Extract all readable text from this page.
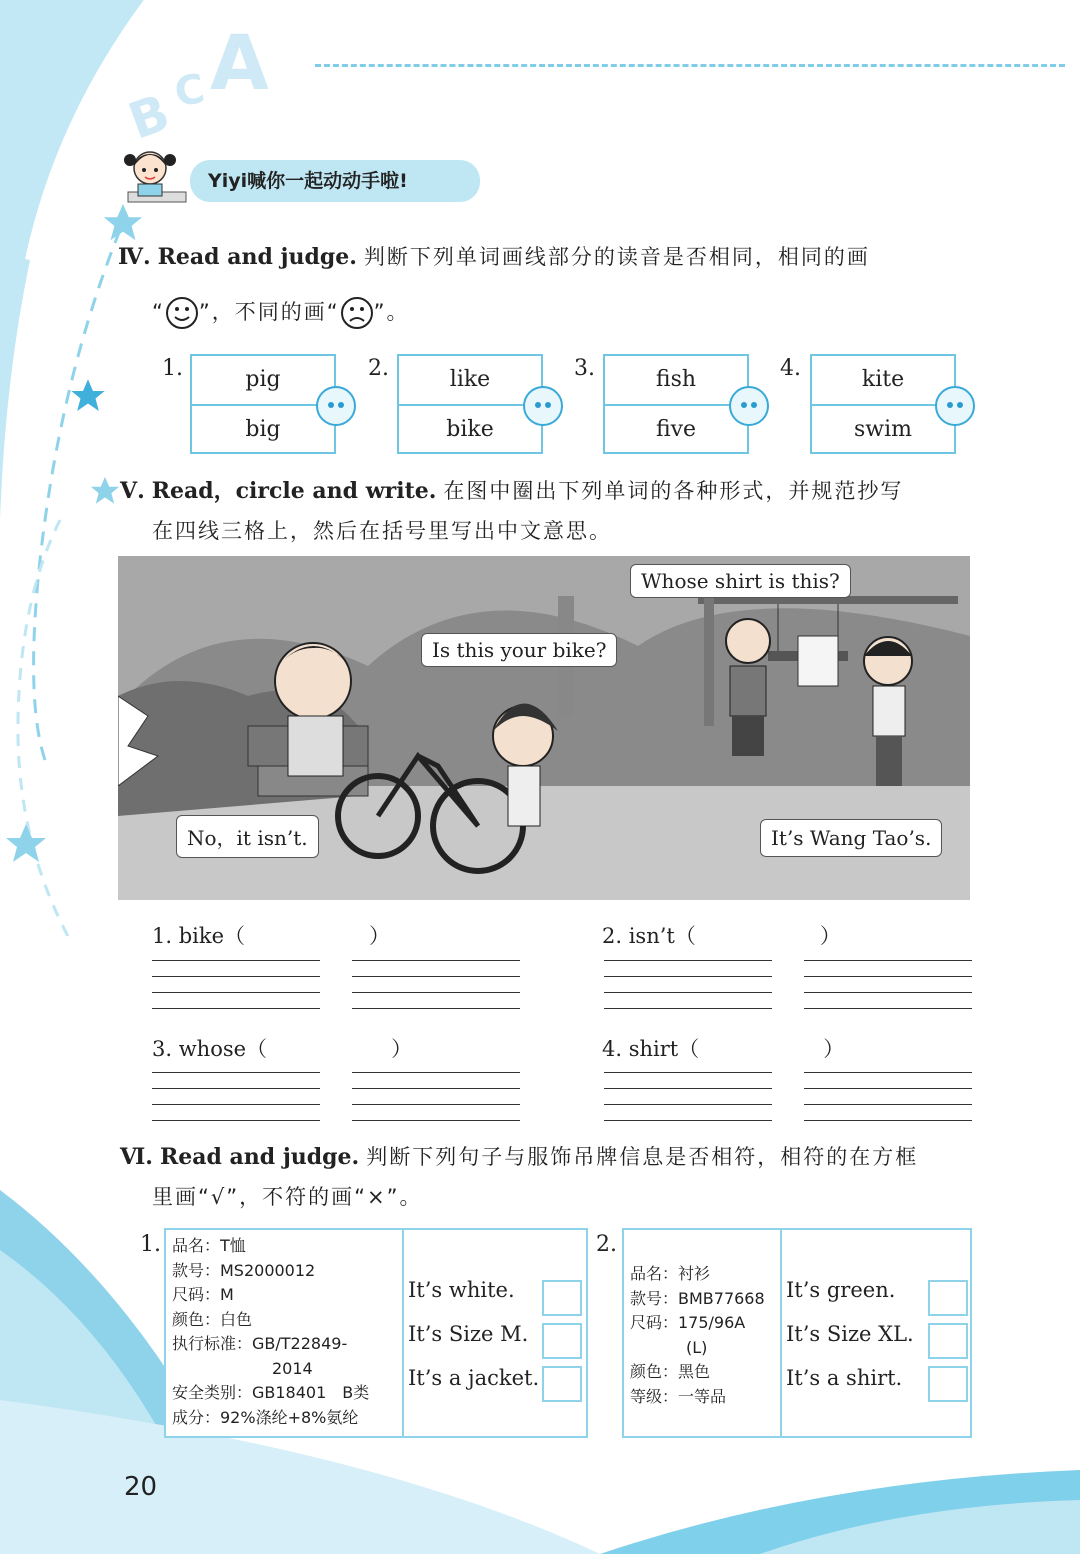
B
C A
Yiyi喊你一起动动手啦!
Ⅳ. Read and judge. 判断下列单词画线部分的读音是否相同，相同的画
“ ”，不同的画“ ”。
1.	pig
big
2.	like
bike
3.	fish
five
4.	kite
swim
Ⅴ. Read，circle and write. 在图中圈出下列单词的各种形式，并规范抄写
在四线三格上，然后在括号里写出中文意思。
Whose shirt is this?
Is this your bike?
No，it isn’t.	It’s Wang Tao’s.
1. bike（	）	2. isn’t（	）
3. whose（	）	4. shirt（	）
Ⅵ. Read and judge. 判断下列句子与服饰吊牌信息是否相符，相符的在方框
里画“√”，不符的画“×”。
1. 品名：T恤
款号：MS2000012
尺码：M
颜色：白色
执行标准：GB/T22849-
2014
安全类别：GB18401　B类
成分：92%涤纶+8%氨纶
It’s white.
It’s Size M.
It’s a jacket.
2.
品名：衬衫
款号：BMB77668
尺码：175/96A
(L)
颜色：黑色
等级：一等品
It’s green.
It’s Size XL.
It’s a shirt.
20
